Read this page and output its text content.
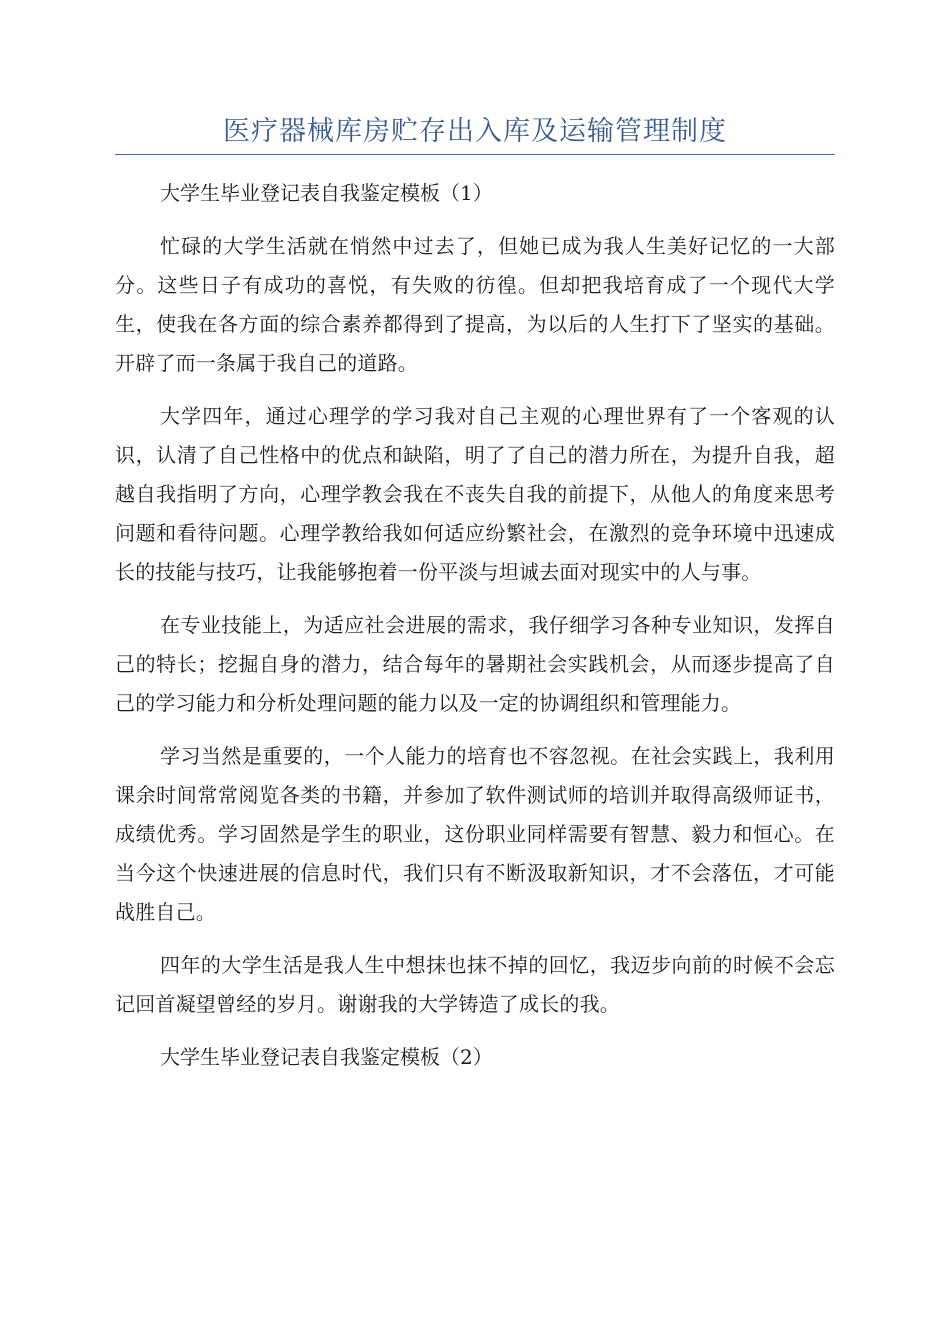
医疗器械库房贮存出入库及运输管理制度

大学生毕业登记表自我鉴定模板（1）

忙碌的大学生活就在悄然中过去了，但她已成为我人生美好记忆的一大部分。这些日子有成功的喜悦，有失败的彷徨。但却把我培育成了一个现代大学生，使我在各方面的综合素养都得到了提高，为以后的人生打下了坚实的基础。开辟了而一条属于我自己的道路。

大学四年，通过心理学的学习我对自己主观的心理世界有了一个客观的认识，认清了自己性格中的优点和缺陷，明了了自己的潜力所在，为提升自我，超越自我指明了方向，心理学教会我在不丧失自我的前提下，从他人的角度来思考问题和看待问题。心理学教给我如何适应纷繁社会，在激烈的竞争环境中迅速成长的技能与技巧，让我能够抱着一份平淡与坦诚去面对现实中的人与事。

在专业技能上，为适应社会进展的需求，我仔细学习各种专业知识，发挥自己的特长；挖掘自身的潜力，结合每年的暑期社会实践机会，从而逐步提高了自己的学习能力和分析处理问题的能力以及一定的协调组织和管理能力。

学习当然是重要的，一个人能力的培育也不容忽视。在社会实践上，我利用课余时间常常阅览各类的书籍，并参加了软件测试师的培训并取得高级师证书，成绩优秀。学习固然是学生的职业，这份职业同样需要有智慧、毅力和恒心。在当今这个快速进展的信息时代，我们只有不断汲取新知识，才不会落伍，才可能战胜自己。

四年的大学生活是我人生中想抹也抹不掉的回忆，我迈步向前的时候不会忘记回首凝望曾经的岁月。谢谢我的大学铸造了成长的我。

大学生毕业登记表自我鉴定模板（2）
